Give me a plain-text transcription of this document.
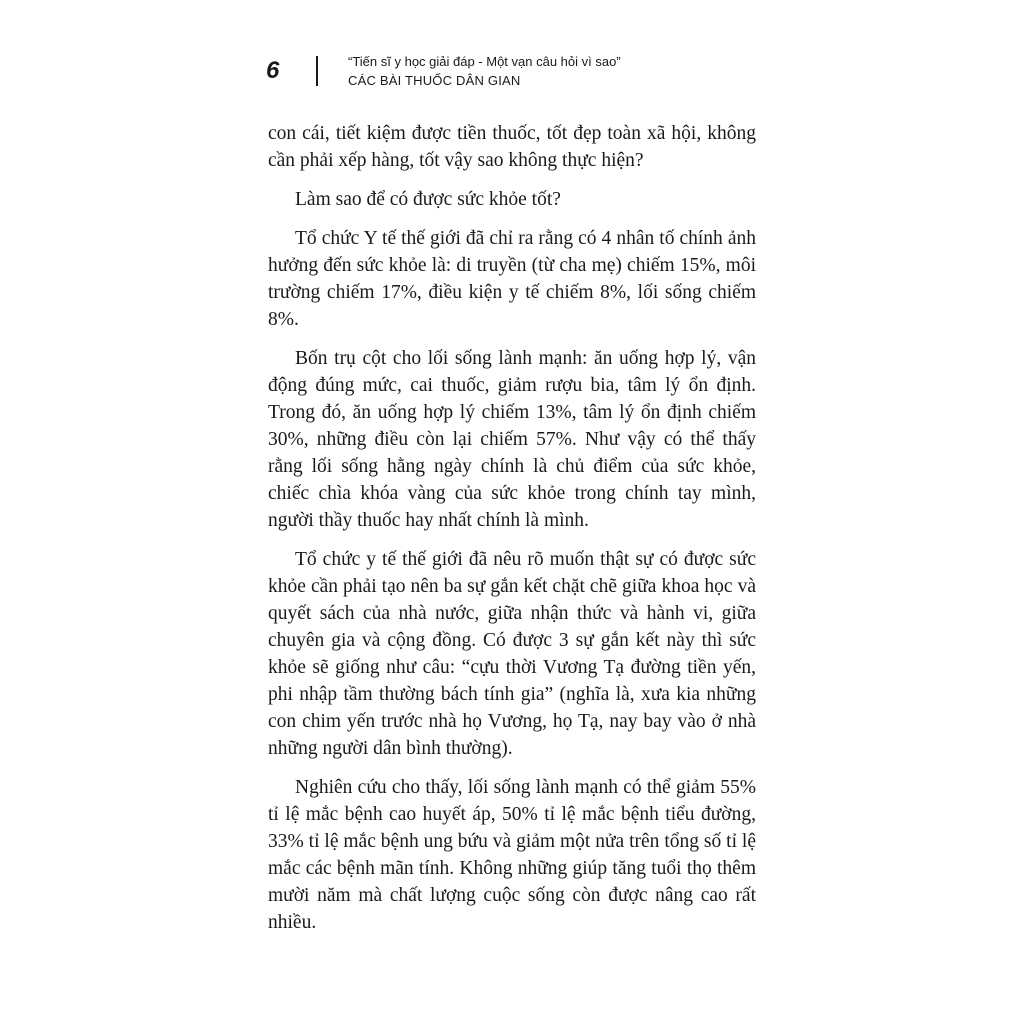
6	“Tiến sĩ y học giải đáp - Một vạn câu hỏi vì sao”
CÁC BÀI THUỐC DÂN GIAN

con cái, tiết kiệm được tiền thuốc, tốt đẹp toàn xã hội, không cần phải xếp hàng, tốt vậy sao không thực hiện?

Làm sao để có được sức khỏe tốt?

Tổ chức Y tế thế giới đã chỉ ra rằng có 4 nhân tố chính ảnh hưởng đến sức khỏe là: di truyền (từ cha mẹ) chiếm 15%, môi trường chiếm 17%, điều kiện y tế chiếm 8%, lối sống chiếm 8%.

Bốn trụ cột cho lối sống lành mạnh: ăn uống hợp lý, vận động đúng mức, cai thuốc, giảm rượu bia, tâm lý ổn định. Trong đó, ăn uống hợp lý chiếm 13%, tâm lý ổn định chiếm 30%, những điều còn lại chiếm 57%. Như vậy có thể thấy rằng lối sống hằng ngày chính là chủ điểm của sức khỏe, chiếc chìa khóa vàng của sức khỏe trong chính tay mình, người thầy thuốc hay nhất chính là mình.

Tổ chức y tế thế giới đã nêu rõ muốn thật sự có được sức khỏe cần phải tạo nên ba sự gắn kết chặt chẽ giữa khoa học và quyết sách của nhà nước, giữa nhận thức và hành vi, giữa chuyên gia và cộng đồng. Có được 3 sự gắn kết này thì sức khỏe sẽ giống như câu: “cựu thời Vương Tạ đường tiền yến, phi nhập tầm thường bách tính gia” (nghĩa là, xưa kia những con chim yến trước nhà họ Vương, họ Tạ, nay bay vào ở nhà những người dân bình thường).

Nghiên cứu cho thấy, lối sống lành mạnh có thể giảm 55% tỉ lệ mắc bệnh cao huyết áp, 50% tỉ lệ mắc bệnh tiểu đường, 33% tỉ lệ mắc bệnh ung bứu và giảm một nửa trên tổng số tỉ lệ mắc các bệnh mãn tính. Không những giúp tăng tuổi thọ thêm mười năm mà chất lượng cuộc sống còn được nâng cao rất nhiều.
